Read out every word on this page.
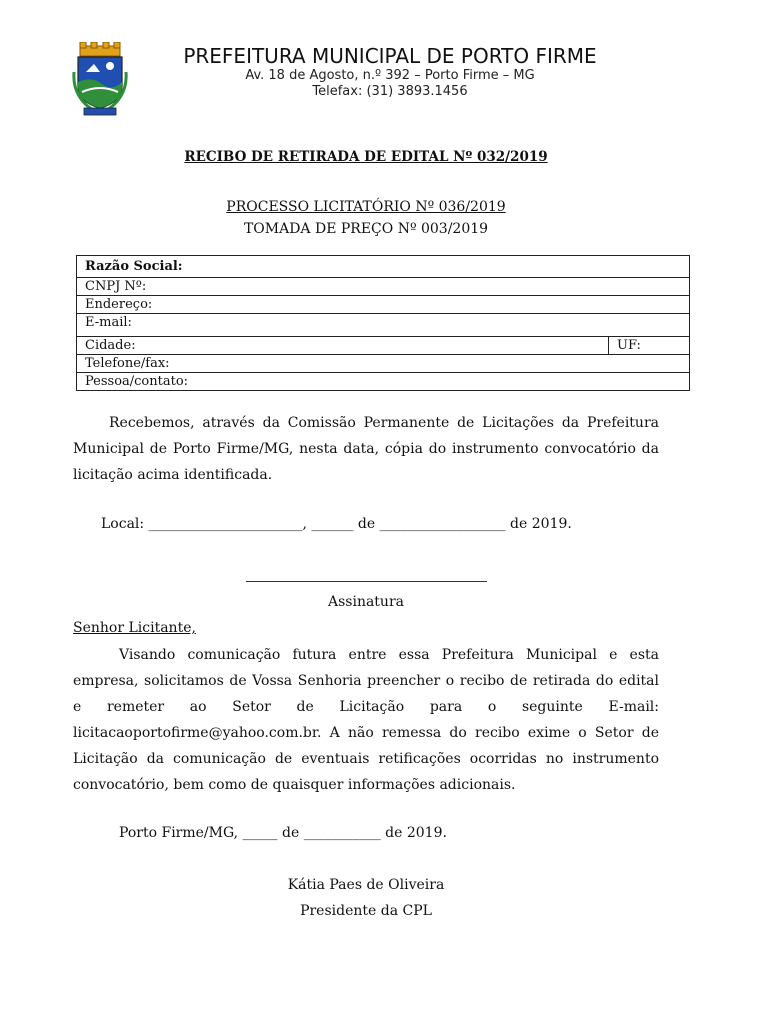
PREFEITURA MUNICIPAL DE PORTO FIRME
Av. 18 de Agosto, n.º 392 – Porto Firme – MG
Telefax: (31) 3893.1456
RECIBO DE RETIRADA DE EDITAL Nº 032/2019
PROCESSO LICITATÓRIO Nº 036/2019
TOMADA DE PREÇO Nº 003/2019
Razão Social:
CNPJ Nº:
Endereço:
E-mail:
Cidade:	UF:
Telefone/fax:
Pessoa/contato:

Recebemos, através da Comissão Permanente de Licitações da Prefeitura Municipal de Porto Firme/MG, nesta data, cópia do instrumento convocatório da licitação acima identificada.

Local: ______________________, ______ de __________________ de 2019.
Assinatura
Senhor Licitante,

Visando comunicação futura entre essa Prefeitura Municipal e esta empresa, solicitamos de Vossa Senhoria preencher o recibo de retirada do edital e remeter ao Setor de Licitação para o seguinte E-mail: licitacaoportofirme@yahoo.com.br. A não remessa do recibo exime o Setor de Licitação da comunicação de eventuais retificações ocorridas no instrumento convocatório, bem como de quaisquer informações adicionais.

Porto Firme/MG, _____ de ___________ de 2019.
Kátia Paes de Oliveira
Presidente da CPL
